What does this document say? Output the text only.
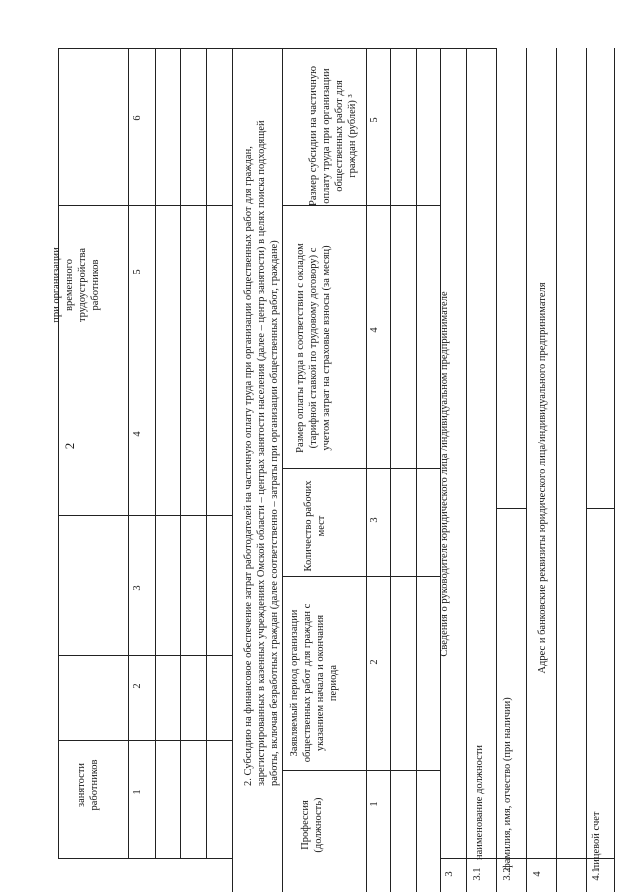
2
занятости
работников
при организации
временного
трудоустройства
работников
1
2
3
4
5
6
2. Субсидию на финансовое обеспечение затрат работодателей на частичную оплату труда при организации общественных работ для граждан, зарегистрированных в казенных учреждениях Омской области – центрах занятости населения (далее – центр занятости) в целях поиска подходящей работы, включая безработных граждан (далее соответственно – затраты при организации общественных работ, граждане)
Профессия
(должность)
Заявляемый период организации общественных работ для граждан с указанием начала и окончания периода
Количество рабочих мест
Размер оплаты труда в соответствии с окладом (тарифной ставкой по трудовому договору) с учетом затрат на страховые взносы (за месяц)
Размер субсидии на частичную оплату труда при организации общественных работ для граждан (рублей) ³
1
2
3
4
5
3
Сведения о руководителе юридического лица /индивидуальном предпринимателе
3.1
наименование должности
3.2
фамилия, имя, отчество (при наличии)
4
Адрес и банковские реквизиты юридического лица/индивидуального предпринимателя
4.1
лицевой счет
